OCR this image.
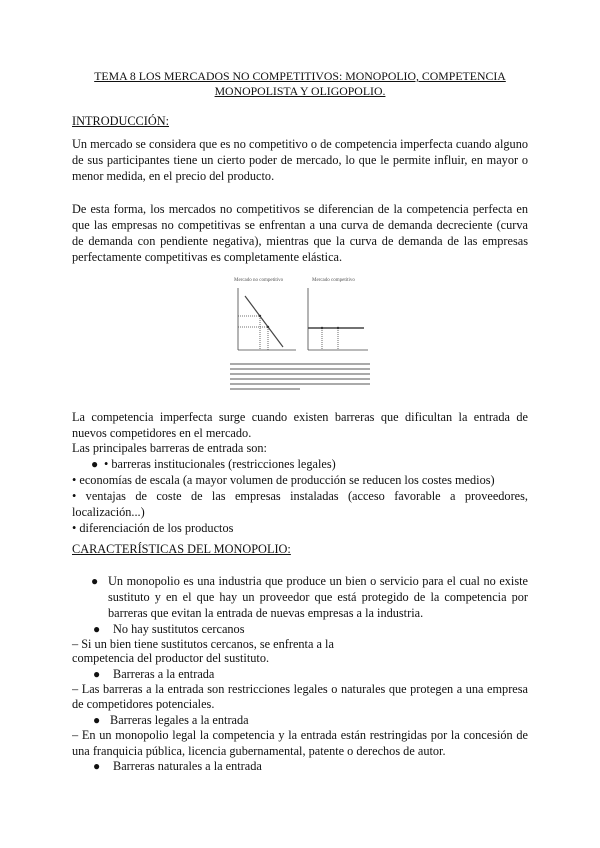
TEMA 8 LOS MERCADOS NO COMPETITIVOS: MONOPOLIO, COMPETENCIA
MONOPOLISTA Y OLIGOPOLIO.
INTRODUCCIÓN:
Un mercado se considera que es no competitivo o de competencia imperfecta cuando alguno
de sus participantes tiene un cierto poder de mercado, lo que le permite influir, en mayor o
menor medida, en el precio del producto.
De esta forma, los mercados no competitivos se diferencian de la competencia perfecta en
que las empresas no competitivas se enfrentan a una curva de demanda decreciente (curva
de demanda con pendiente negativa), mientras que la curva de demanda de las empresas
perfectamente competitivas es completamente elástica.
Mercado no competitivo	Mercado competitivo
La competencia imperfecta surge cuando existen barreras que dificultan la entrada de
nuevos competidores en el mercado.
Las principales barreras de entrada son:
● • barreras institucionales (restricciones legales)
• economías de escala (a mayor volumen de producción se reducen los costes medios)
• ventajas de coste de las empresas instaladas (acceso favorable a proveedores,
localización...)
• diferenciación de los productos
CARACTERÍSTICAS DEL MONOPOLIO:
● Un monopolio es una industria que produce un bien o servicio para el cual no existe
sustituto y en el que hay un proveedor que está protegido de la competencia por
barreras que evitan la entrada de nuevas empresas a la industria.
● No hay sustitutos cercanos
– Si un bien tiene sustitutos cercanos, se enfrenta a la
competencia del productor del sustituto.
● Barreras a la entrada
– Las barreras a la entrada son restricciones legales o naturales que protegen a una empresa
de competidores potenciales.
● Barreras legales a la entrada
– En un monopolio legal la competencia y la entrada están restringidas por la concesión de
una franquicia pública, licencia gubernamental, patente o derechos de autor.
● Barreras naturales a la entrada
